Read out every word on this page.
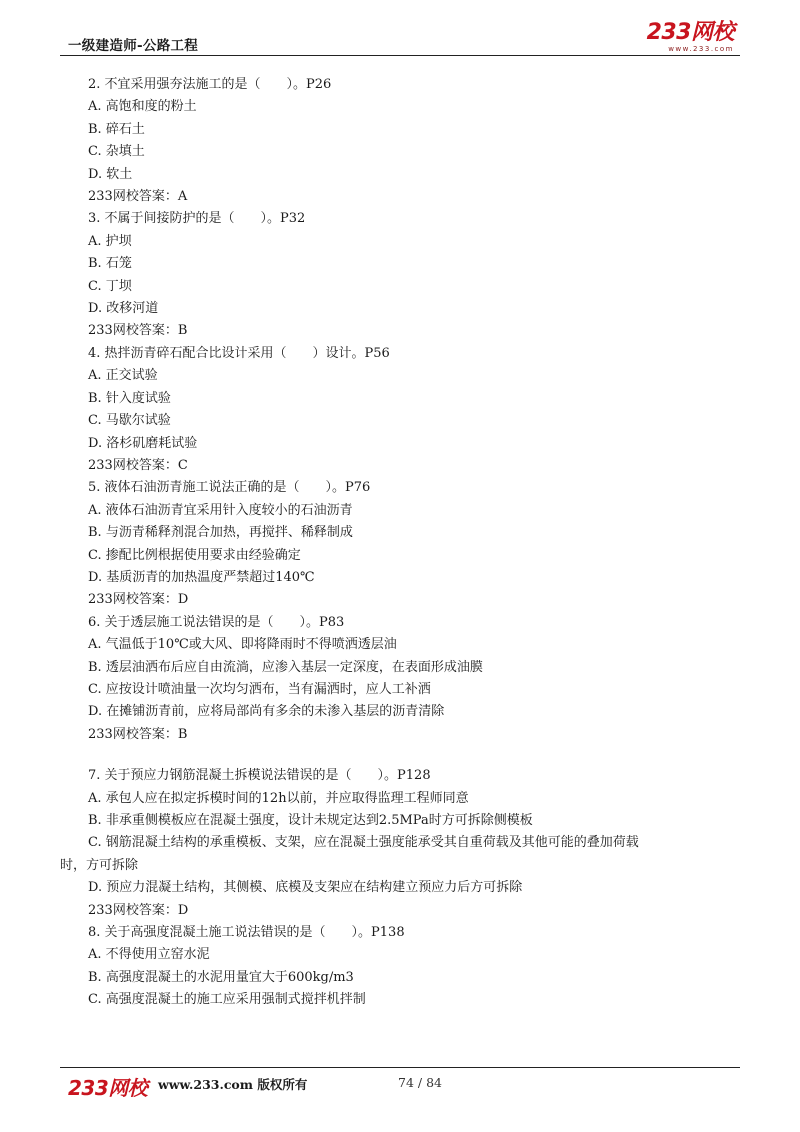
一级建造师-公路工程
233网校
www.233.com
2. 不宜采用强夯法施工的是（　　）。P26
A. 高饱和度的粉土
B. 碎石土
C. 杂填土
D. 软土
233网校答案：A
3. 不属于间接防护的是（　　）。P32
A. 护坝
B. 石笼
C. 丁坝
D. 改移河道
233网校答案：B
4. 热拌沥青碎石配合比设计采用（　　）设计。P56
A. 正交试验
B. 针入度试验
C. 马歇尔试验
D. 洛杉矶磨耗试验
233网校答案：C
5. 液体石油沥青施工说法正确的是（　　）。P76
A. 液体石油沥青宜采用针入度较小的石油沥青
B. 与沥青稀释剂混合加热，再搅拌、稀释制成
C. 掺配比例根据使用要求由经验确定
D. 基质沥青的加热温度严禁超过140℃
233网校答案：D
6. 关于透层施工说法错误的是（　　）。P83
A. 气温低于10℃或大风、即将降雨时不得喷洒透层油
B. 透层油洒布后应自由流淌，应渗入基层一定深度，在表面形成油膜
C. 应按设计喷油量一次均匀洒布，当有漏洒时，应人工补洒
D. 在摊铺沥青前，应将局部尚有多余的未渗入基层的沥青清除
233网校答案：B
7. 关于预应力钢筋混凝土拆模说法错误的是（　　）。P128
A. 承包人应在拟定拆模时间的12h以前，并应取得监理工程师同意
B. 非承重侧模板应在混凝土强度，设计未规定达到2.5MPa时方可拆除侧模板
C. 钢筋混凝土结构的承重模板、支架，应在混凝土强度能承受其自重荷载及其他可能的叠加荷载
时，方可拆除
D. 预应力混凝土结构，其侧模、底模及支架应在结构建立预应力后方可拆除
233网校答案：D
8. 关于高强度混凝土施工说法错误的是（　　）。P138
A. 不得使用立窑水泥
B. 高强度混凝土的水泥用量宜大于600kg/m3
C. 高强度混凝土的施工应采用强制式搅拌机拌制
233网校 www.233.com 版权所有	74 / 84
